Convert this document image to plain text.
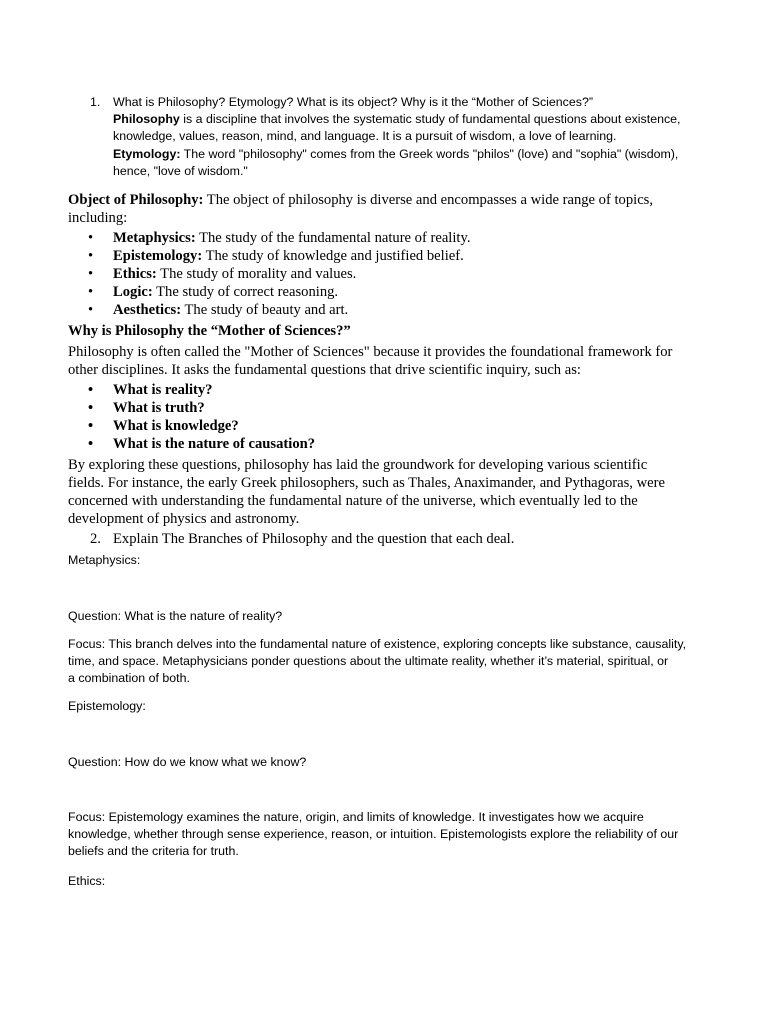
1. What is Philosophy? Etymology? What is its object? Why is it the “Mother of Sciences?”
Philosophy is a discipline that involves the systematic study of fundamental questions about existence,
knowledge, values, reason, mind, and language. It is a pursuit of wisdom, a love of learning.
Etymology: The word "philosophy" comes from the Greek words "philos" (love) and "sophia" (wisdom),
hence, "love of wisdom."
Object of Philosophy: The object of philosophy is diverse and encompasses a wide range of topics,
including:
• Metaphysics: The study of the fundamental nature of reality.
• Epistemology: The study of knowledge and justified belief.
• Ethics: The study of morality and values.
• Logic: The study of correct reasoning.
• Aesthetics: The study of beauty and art.
Why is Philosophy the “Mother of Sciences?”
Philosophy is often called the "Mother of Sciences" because it provides the foundational framework for
other disciplines. It asks the fundamental questions that drive scientific inquiry, such as:
• What is reality?
• What is truth?
• What is knowledge?
• What is the nature of causation?
By exploring these questions, philosophy has laid the groundwork for developing various scientific
fields. For instance, the early Greek philosophers, such as Thales, Anaximander, and Pythagoras, were
concerned with understanding the fundamental nature of the universe, which eventually led to the
development of physics and astronomy.
2. Explain The Branches of Philosophy and the question that each deal.
Metaphysics:
Question: What is the nature of reality?
Focus: This branch delves into the fundamental nature of existence, exploring concepts like substance, causality,
time, and space. Metaphysicians ponder questions about the ultimate reality, whether it’s material, spiritual, or
a combination of both.
Epistemology:
Question: How do we know what we know?
Focus: Epistemology examines the nature, origin, and limits of knowledge. It investigates how we acquire
knowledge, whether through sense experience, reason, or intuition. Epistemologists explore the reliability of our
beliefs and the criteria for truth.
Ethics:
